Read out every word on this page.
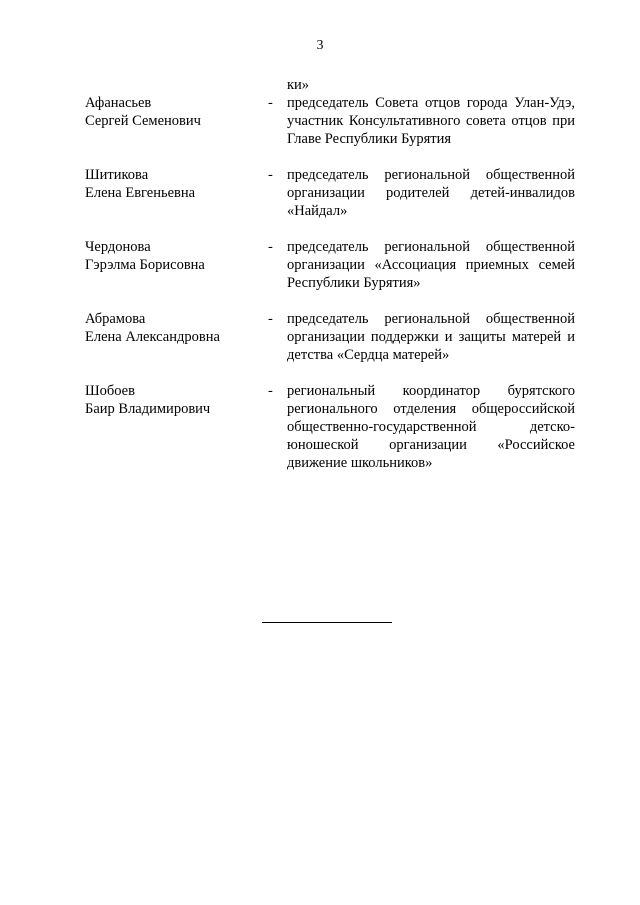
3
ки»
Афанасьев
Сергей Семенович
- председатель Совета отцов города Улан-Удэ, участник Консультативного совета отцов при Главе Республики Бурятия
Шитикова
Елена Евгеньевна
- председатель региональной общественной организации родителей детей-инвалидов «Найдал»
Чердонова
Гэрэлма Борисовна
- председатель региональной общественной организации «Ассоциация приемных семей Республики Бурятия»
Абрамова
Елена Александровна
- председатель региональной общественной организации поддержки и защиты матерей и детства «Сердца матерей»
Шобоев
Баир Владимирович
- региональный координатор бурятского регионального отделения общероссийской общественно-государственной детско-юношеской организации «Российское движение школьников»
